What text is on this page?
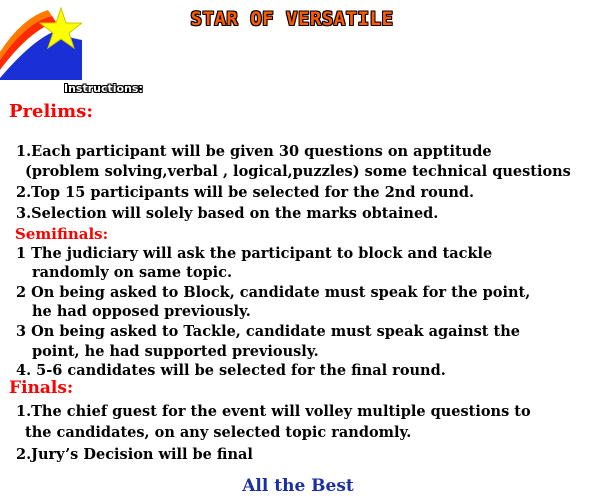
STAR OF VERSATILE
Instructions:
Prelims:
1.Each participant will be given 30 questions on apptitude
(problem solving,verbal , logical,puzzles) some technical questions
2.Top 15 participants will be selected for the 2nd round.
3.Selection will solely based on the marks obtained.
Semifinals:
1 The judiciary will ask the participant to block and tackle
randomly on same topic.
2 On being asked to Block, candidate must speak for the point,
he had opposed previously.
3 On being asked to Tackle, candidate must speak against the
point, he had supported previously.
4. 5-6 candidates will be selected for the final round.
Finals:
1.The chief guest for the event will volley multiple questions to
the candidates, on any selected topic randomly.
2.Jury’s Decision will be final
All the Best
